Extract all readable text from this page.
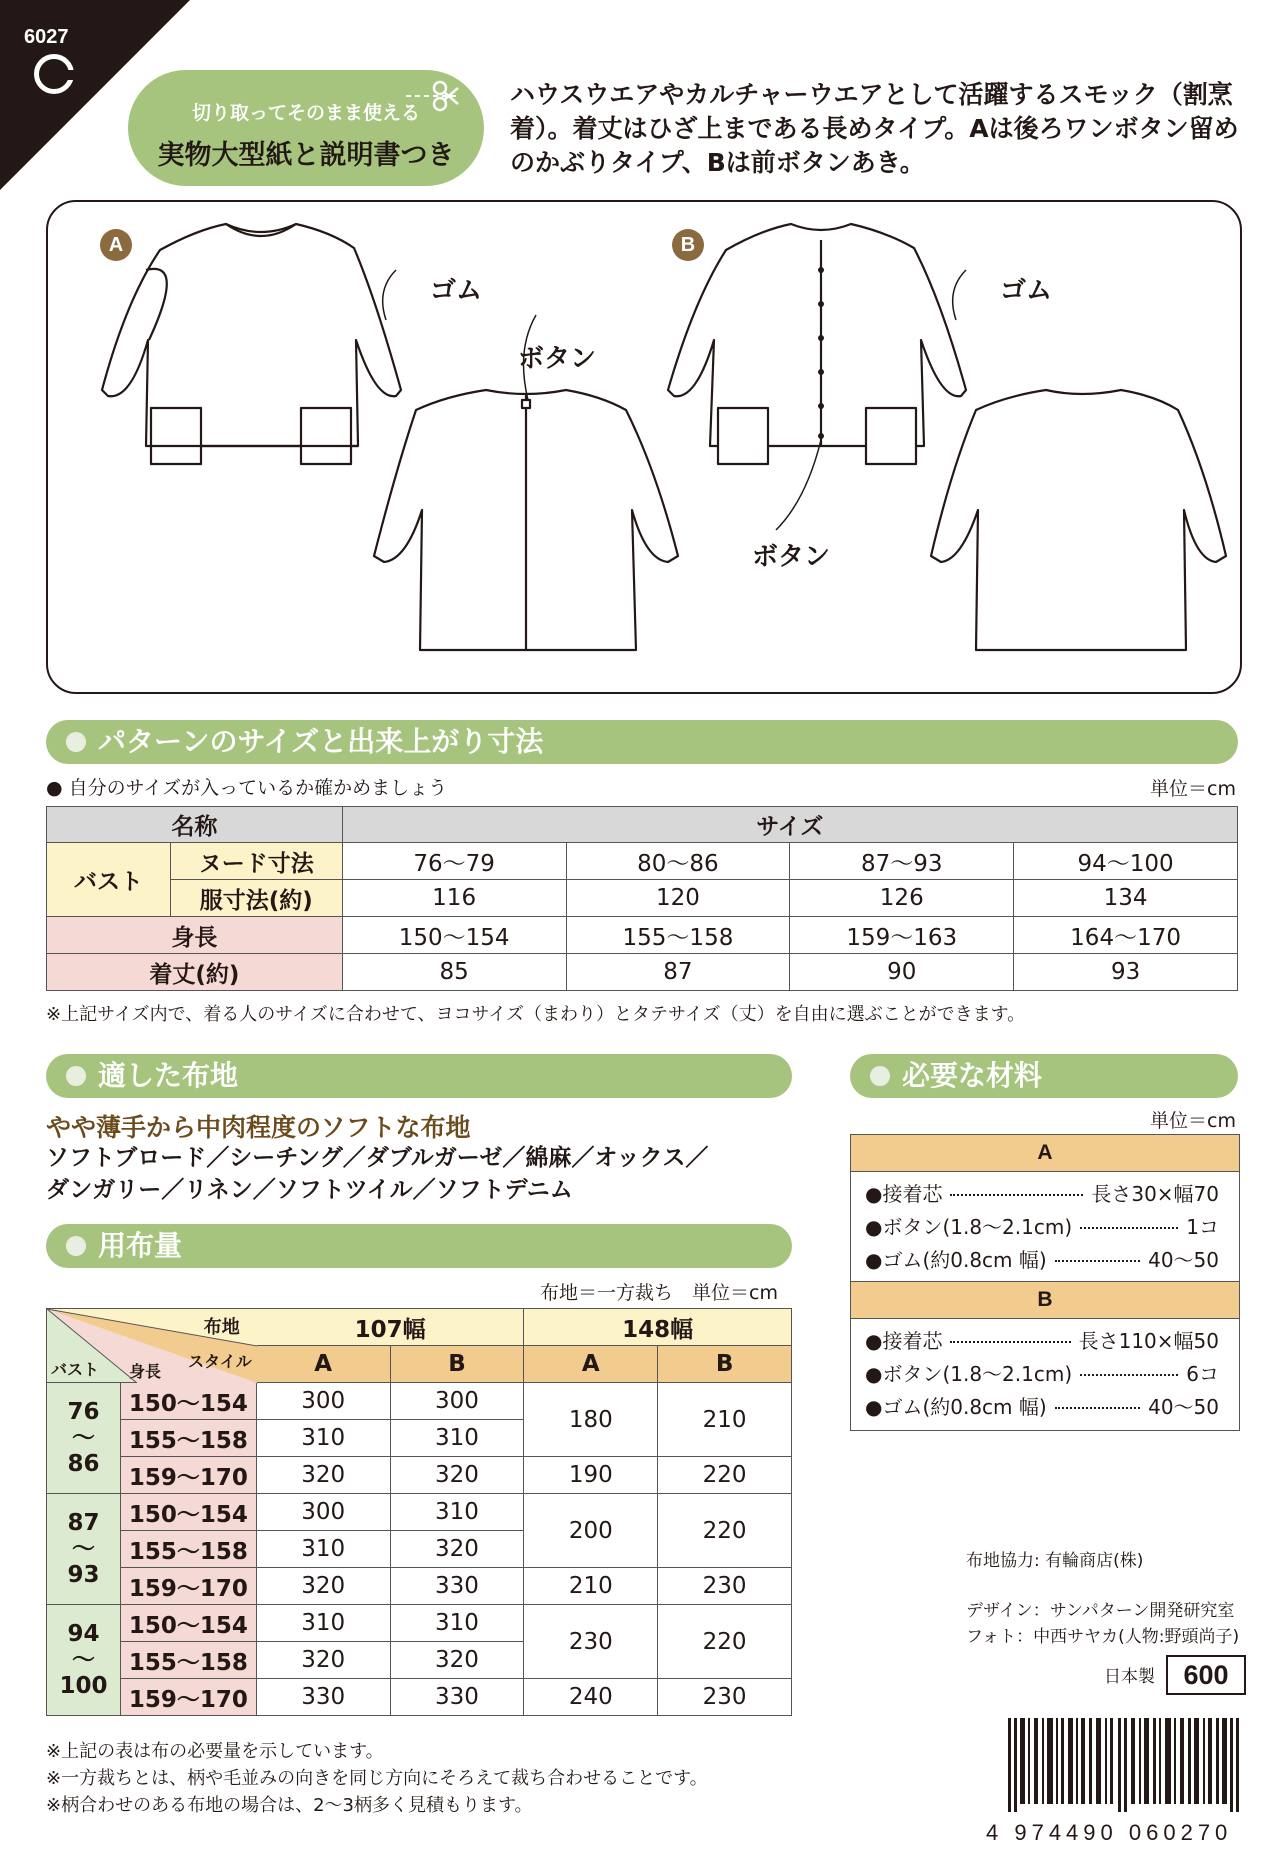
6027
切り取ってそのまま使える
実物大型紙と説明書つき
ハウスウエアやカルチャーウエアとして活躍するスモック（割烹着）。着丈はひざ上まである長めタイプ。Aは後ろワンボタン留めのかぶりタイプ、Bは前ボタンあき。
A	B
ゴム
ボタン
ゴム
ボタン
パターンのサイズと出来上がり寸法
● 自分のサイズが入っているか確かめましょう	単位＝cm
名称		サイズ			
バスト	ヌード寸法	76〜79	80〜86	87〜93	94〜100
	服寸法(約)	116	120	126	134
身長		150〜154	155〜158	159〜163	164〜170
着丈(約)		85	87	90	93
※上記サイズ内で、着る人のサイズに合わせて、ヨコサイズ（まわり）とタテサイズ（丈）を自由に選ぶことができます。
適した布地
やや薄手から中肉程度のソフトな布地
ソフトブロード／シーチング／ダブルガーゼ／綿麻／オックス／
ダンガリー／リネン／ソフトツイル／ソフトデニム
必要な材料
単位＝cm
A
●接着芯	長さ30×幅70
●ボタン(1.8〜2.1cm)	1コ
●ゴム(約0.8cm 幅)	40〜50
B
●接着芯	長さ110×幅50
●ボタン(1.8〜2.1cm)	6コ
●ゴム(約0.8cm 幅)	40〜50
用布量
布地＝一方裁ち　単位＝cm
布地
スタイル
バスト 身長		107幅		148幅	
		A	B	A	B

76
〜
86	150〜154	300	300	180	210
	155〜158	310	310		
	159〜170	320	320	190	220

87
〜
93	150〜154	300	310	200	220
	155〜158	310	320		
	159〜170	320	330	210	230

94
〜
100	150〜154	310	310	230	220
	155〜158	320	320		
	159〜170	330	330	240	230
※上記の表は布の必要量を示しています。
※一方裁ちとは、柄や毛並みの向きを同じ方向にそろえて裁ち合わせることです。
※柄合わせのある布地の場合は、2〜3柄多く見積もります。
布地協力: 有輪商店(株)
デザイン：サンパターン開発研究室
フォト：中西サヤカ(人物:野頭尚子)
日本製	600
4 974490 060270
